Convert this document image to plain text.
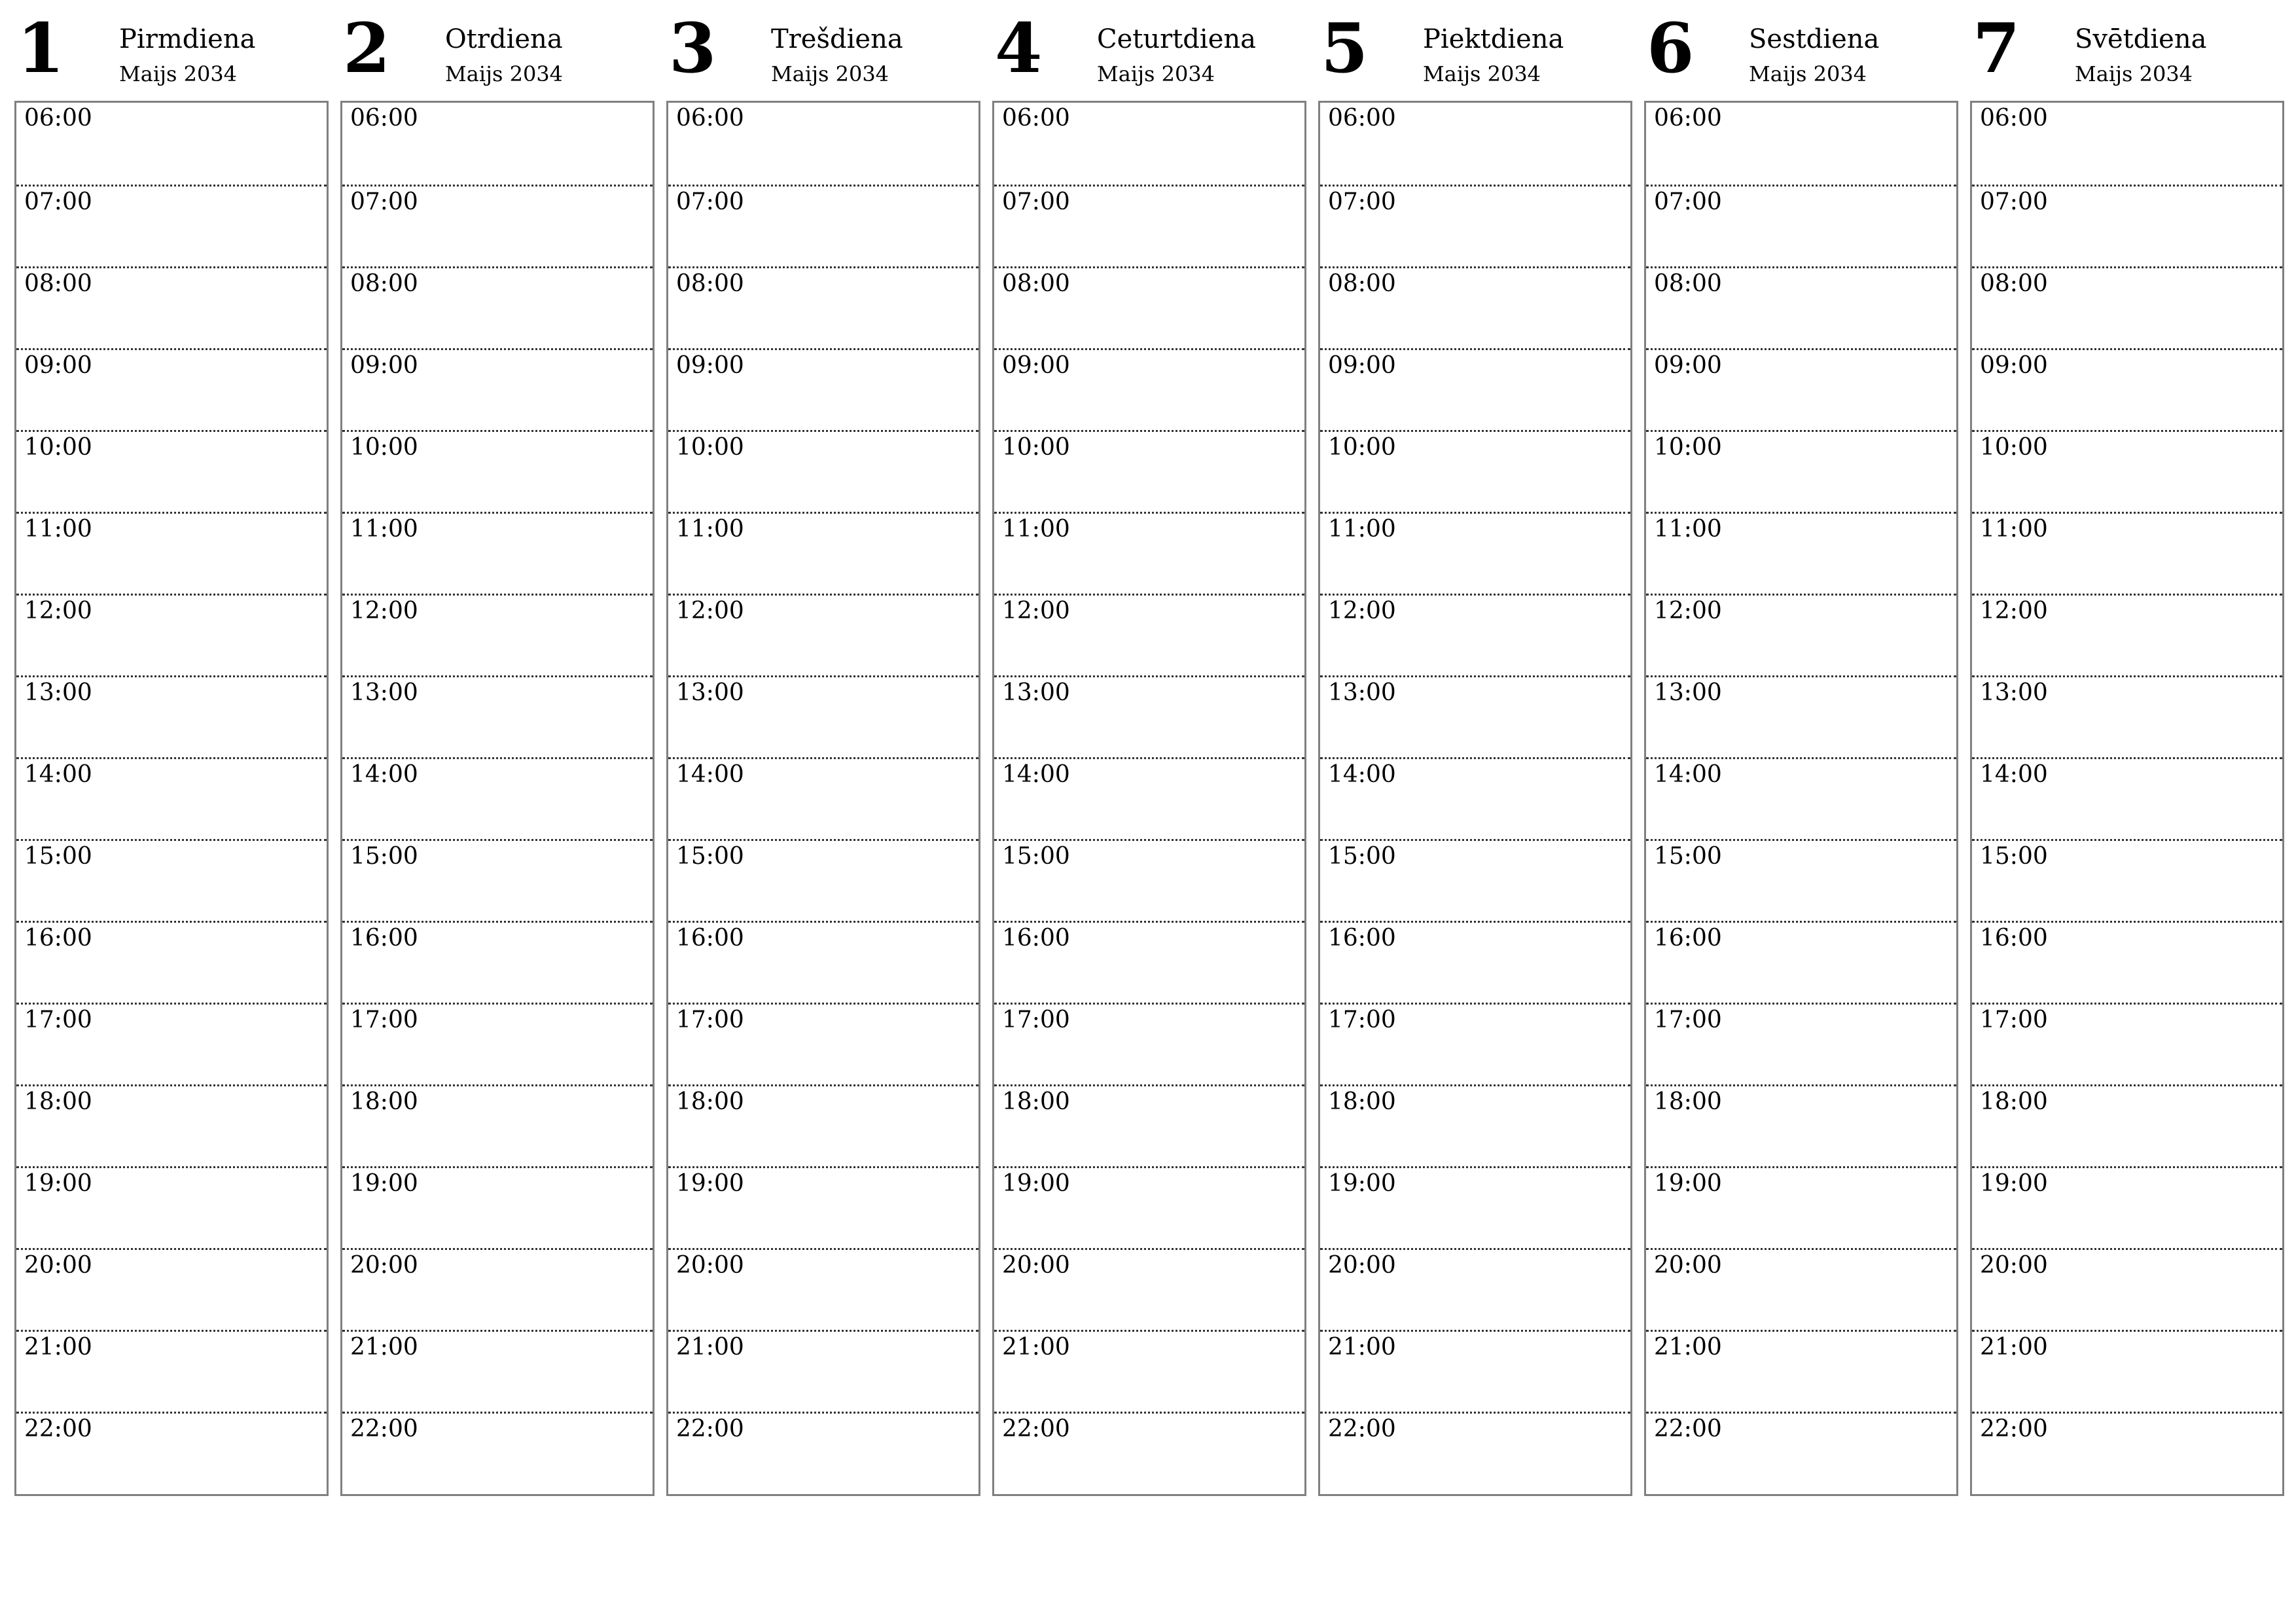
1 Pirmdiena
Maijs 2034
06:00
07:00
08:00
09:00
10:00
11:00
12:00
13:00
14:00
15:00
16:00
17:00
18:00
19:00
20:00
21:00
22:00
2 Otrdiena
Maijs 2034
06:00
07:00
08:00
09:00
10:00
11:00
12:00
13:00
14:00
15:00
16:00
17:00
18:00
19:00
20:00
21:00
22:00
3 Trešdiena
Maijs 2034
06:00
07:00
08:00
09:00
10:00
11:00
12:00
13:00
14:00
15:00
16:00
17:00
18:00
19:00
20:00
21:00
22:00
4 Ceturtdiena
Maijs 2034
06:00
07:00
08:00
09:00
10:00
11:00
12:00
13:00
14:00
15:00
16:00
17:00
18:00
19:00
20:00
21:00
22:00
5 Piektdiena
Maijs 2034
06:00
07:00
08:00
09:00
10:00
11:00
12:00
13:00
14:00
15:00
16:00
17:00
18:00
19:00
20:00
21:00
22:00
6 Sestdiena
Maijs 2034
06:00
07:00
08:00
09:00
10:00
11:00
12:00
13:00
14:00
15:00
16:00
17:00
18:00
19:00
20:00
21:00
22:00
7 Svētdiena
Maijs 2034
06:00
07:00
08:00
09:00
10:00
11:00
12:00
13:00
14:00
15:00
16:00
17:00
18:00
19:00
20:00
21:00
22:00
